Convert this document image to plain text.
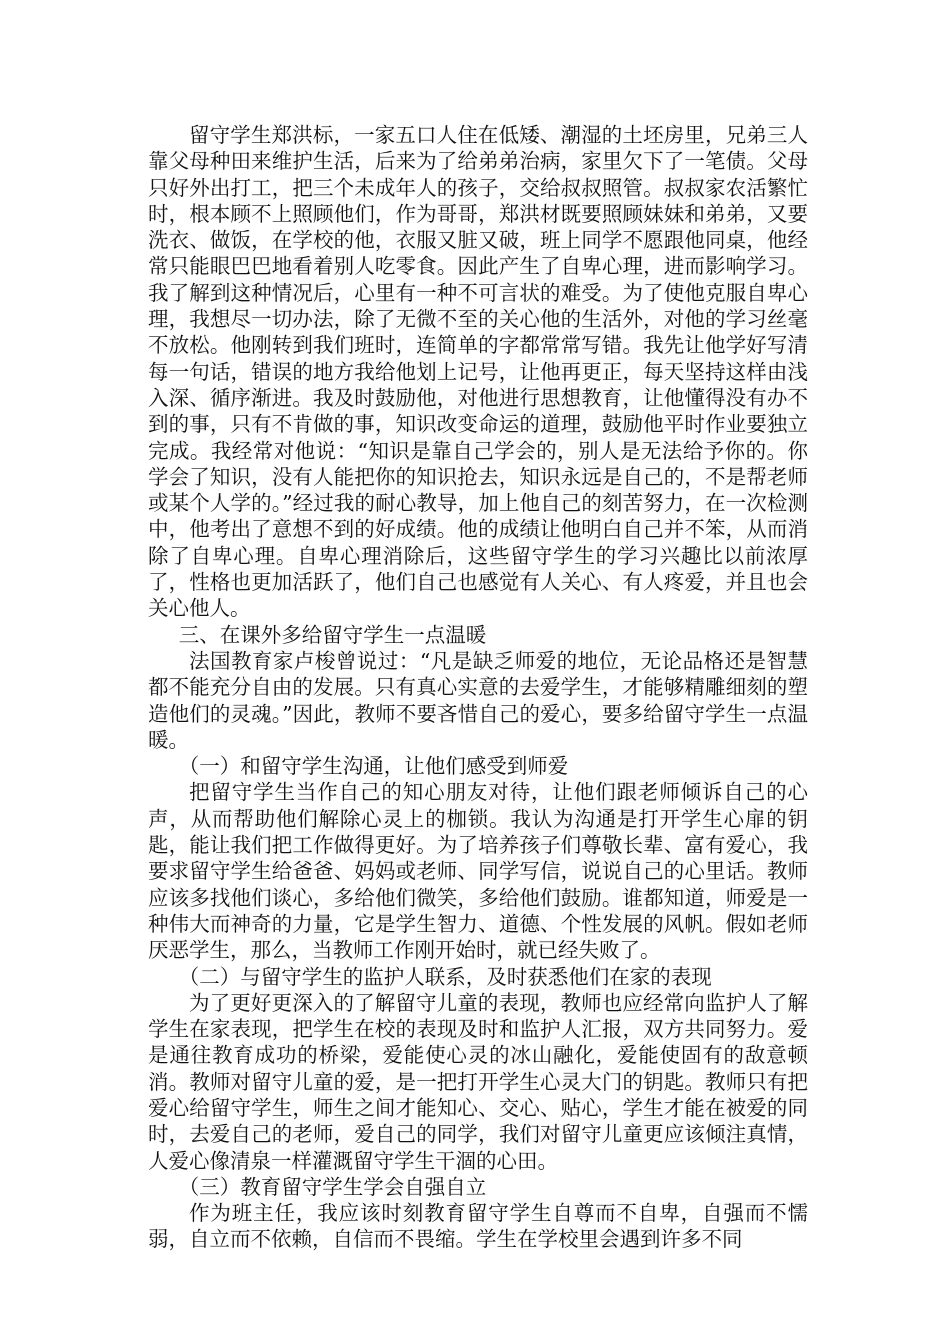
留守学生郑洪标，一家五口人住在低矮、潮湿的土坯房里，兄弟三人靠父母种田来维护生活，后来为了给弟弟治病，家里欠下了一笔债。父母只好外出打工，把三个未成年人的孩子，交给叔叔照管。叔叔家农活繁忙时，根本顾不上照顾他们，作为哥哥，郑洪材既要照顾妹妹和弟弟，又要洗衣、做饭，在学校的他，衣服又脏又破，班上同学不愿跟他同桌，他经常只能眼巴巴地看着别人吃零食。因此产生了自卑心理，进而影响学习。我了解到这种情况后，心里有一种不可言状的难受。为了使他克服自卑心理，我想尽一切办法，除了无微不至的关心他的生活外，对他的学习丝毫不放松。他刚转到我们班时，连简单的字都常常写错。我先让他学好写清每一句话，错误的地方我给他划上记号，让他再更正，每天坚持这样由浅入深、循序渐进。我及时鼓励他，对他进行思想教育，让他懂得没有办不到的事，只有不肯做的事，知识改变命运的道理，鼓励他平时作业要独立完成。我经常对他说：“知识是靠自己学会的，别人是无法给予你的。你学会了知识，没有人能把你的知识抢去，知识永远是自己的，不是帮老师或某个人学的。”经过我的耐心教导，加上他自己的刻苦努力，在一次检测中，他考出了意想不到的好成绩。他的成绩让他明白自己并不笨，从而消除了自卑心理。自卑心理消除后，这些留守学生的学习兴趣比以前浓厚了，性格也更加活跃了，他们自己也感觉有人关心、有人疼爱，并且也会关心他人。

三、在课外多给留守学生一点温暖

法国教育家卢梭曾说过：“凡是缺乏师爱的地位，无论品格还是智慧都不能充分自由的发展。只有真心实意的去爱学生，才能够精雕细刻的塑造他们的灵魂。”因此，教师不要吝惜自己的爱心，要多给留守学生一点温暖。

（一）和留守学生沟通，让他们感受到师爱

把留守学生当作自己的知心朋友对待，让他们跟老师倾诉自己的心声，从而帮助他们解除心灵上的枷锁。我认为沟通是打开学生心扉的钥匙，能让我们把工作做得更好。为了培养孩子们尊敬长辈、富有爱心，我要求留守学生给爸爸、妈妈或老师、同学写信，说说自己的心里话。教师应该多找他们谈心，多给他们微笑，多给他们鼓励。谁都知道，师爱是一种伟大而神奇的力量，它是学生智力、道德、个性发展的风帆。假如老师厌恶学生，那么，当教师工作刚开始时，就已经失败了。

（二）与留守学生的监护人联系，及时获悉他们在家的表现

为了更好更深入的了解留守儿童的表现，教师也应经常向监护人了解学生在家表现，把学生在校的表现及时和监护人汇报，双方共同努力。爱是通往教育成功的桥梁，爱能使心灵的冰山融化，爱能使固有的敌意顿消。教师对留守儿童的爱，是一把打开学生心灵大门的钥匙。教师只有把爱心给留守学生，师生之间才能知心、交心、贴心，学生才能在被爱的同时，去爱自己的老师，爱自己的同学，我们对留守儿童更应该倾注真情，人爱心像清泉一样灌溉留守学生干涸的心田。

（三）教育留守学生学会自强自立

作为班主任，我应该时刻教育留守学生自尊而不自卑，自强而不懦弱，自立而不依赖，自信而不畏缩。学生在学校里会遇到许多不同
